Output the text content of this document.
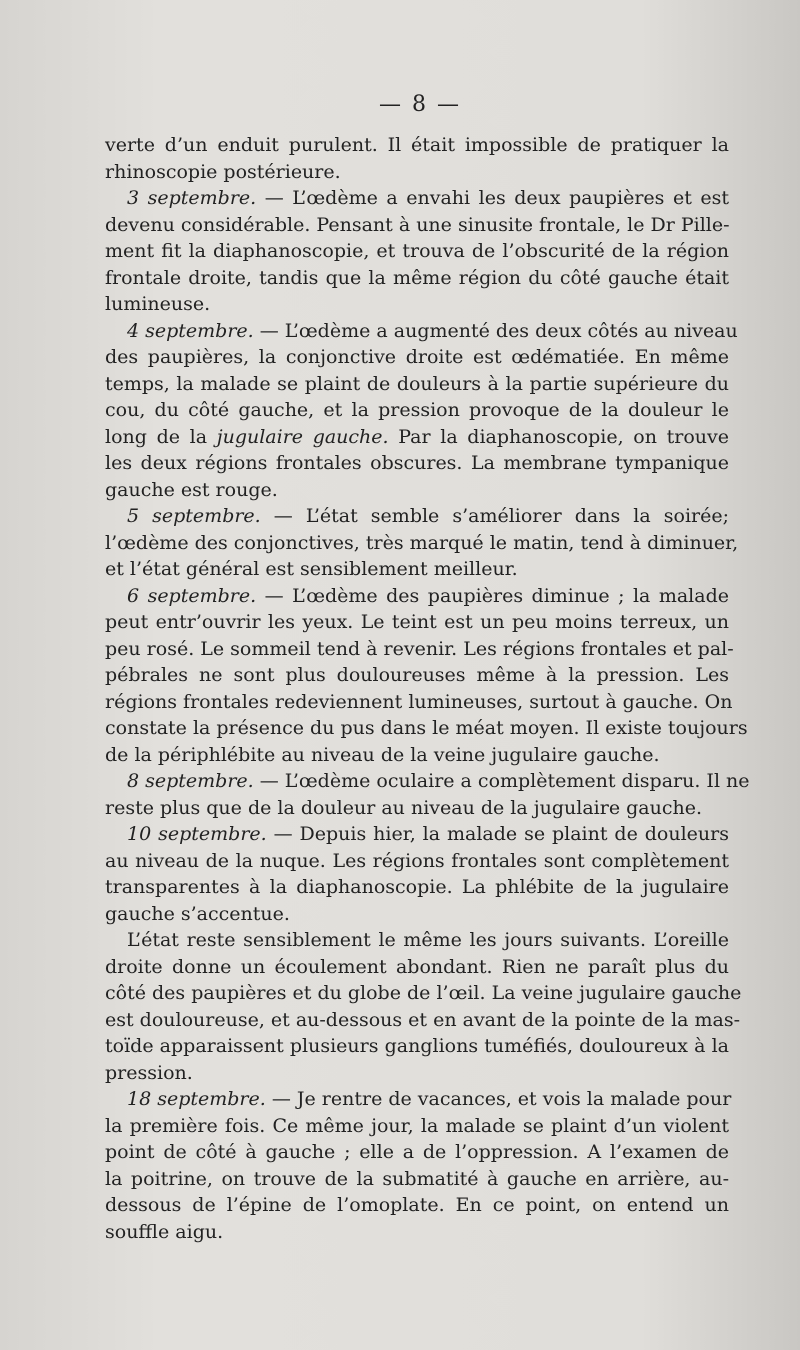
— 8 —
verte d’un enduit purulent. Il était impossible de pratiquer la
rhinoscopie postérieure.
3 septembre. — L’œdème a envahi les deux paupières et est
devenu considérable. Pensant à une sinusite frontale, le Dr Pille-
ment fit la diaphanoscopie, et trouva de l’obscurité de la région
frontale droite, tandis que la même région du côté gauche était
lumineuse.
4 septembre. — L’œdème a augmenté des deux côtés au niveau
des paupières, la conjonctive droite est œdématiée. En même
temps, la malade se plaint de douleurs à la partie supérieure du
cou, du côté gauche, et la pression provoque de la douleur le
long de la jugulaire gauche. Par la diaphanoscopie, on trouve
les deux régions frontales obscures. La membrane tympanique
gauche est rouge.
5 septembre. — L’état semble s’améliorer dans la soirée;
l’œdème des conjonctives, très marqué le matin, tend à diminuer,
et l’état général est sensiblement meilleur.
6 septembre. — L’œdème des paupières diminue ; la malade
peut entr’ouvrir les yeux. Le teint est un peu moins terreux, un
peu rosé. Le sommeil tend à revenir. Les régions frontales et pal-
pébrales ne sont plus douloureuses même à la pression. Les
régions frontales redeviennent lumineuses, surtout à gauche. On
constate la présence du pus dans le méat moyen. Il existe toujours
de la périphlébite au niveau de la veine jugulaire gauche.
8 septembre. — L’œdème oculaire a complètement disparu. Il ne
reste plus que de la douleur au niveau de la jugulaire gauche.
10 septembre. — Depuis hier, la malade se plaint de douleurs
au niveau de la nuque. Les régions frontales sont complètement
transparentes à la diaphanoscopie. La phlébite de la jugulaire
gauche s’accentue.
L’état reste sensiblement le même les jours suivants. L’oreille
droite donne un écoulement abondant. Rien ne paraît plus du
côté des paupières et du globe de l’œil. La veine jugulaire gauche
est douloureuse, et au-dessous et en avant de la pointe de la mas-
toïde apparaissent plusieurs ganglions tuméfiés, douloureux à la
pression.
18 septembre. — Je rentre de vacances, et vois la malade pour
la première fois. Ce même jour, la malade se plaint d’un violent
point de côté à gauche ; elle a de l’oppression. A l’examen de
la poitrine, on trouve de la submatité à gauche en arrière, au-
dessous de l’épine de l’omoplate. En ce point, on entend un
souffle aigu.
